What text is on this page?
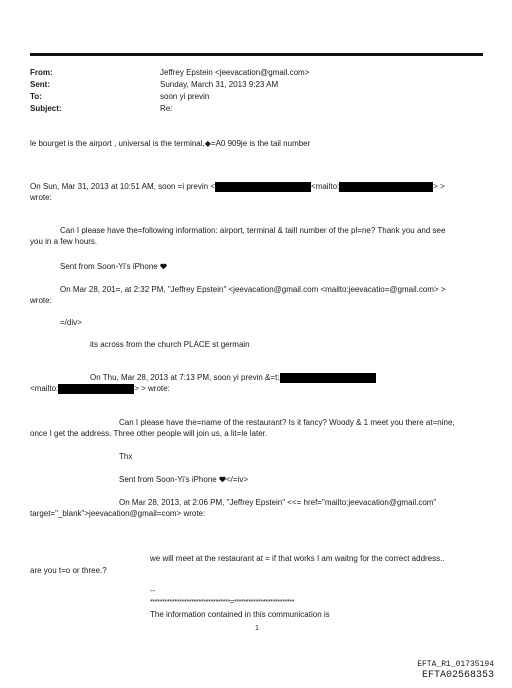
From:	Jeffrey Epstein <jeevacation@gmail.com>
Sent:	Sunday, March 31, 2013 9:23 AM
To:	soon yi previn
Subject:	Re:
le bourget is the airport , universal is the terminal,◆=A0 909je is the tail number
On Sun, Mar 31, 2013 at 10:51 AM, soon =i previn <	<mailto:	> >
wrote:
Can I please have the=following information: airport, terminal & taill number of the pl=ne? Thank you and see
you in a few hours.
Sent from Soon-Yi's iPhone
On Mar 28, 201=, at 2:32 PM, "Jeffrey Epstein" <jeevacation@gmail.com <mailto:jeevacatio=@gmail.com> >
wrote:
=/div>
its across from the church PLACE st germain
On Thu, Mar 28, 2013 at 7:13 PM, soon yi previn &=t;
<mailto:	> > wrote:
Can I please have the=name of the restaurant? Is it fancy? Woody & 1 meet you there at=nine,
once I get the address. Three other people will join us, a lit=le later.
Thx
Sent from Soon-Yi's iPhone </=iv>
On Mar 28, 2013, at 2:06 PM, "Jeffrey Epstein" <<= href="mailto:jeevacation@gmail.com"
target="_blank">jeevacation@gmail=com> wrote:
we will meet at the restaurant at = if that works I am waitng for the correct address..
are you t=o or three.?
--
*********************************=*************************
The information contained in this communication is
1
EFTA_R1_01735194
EFTA02568353
